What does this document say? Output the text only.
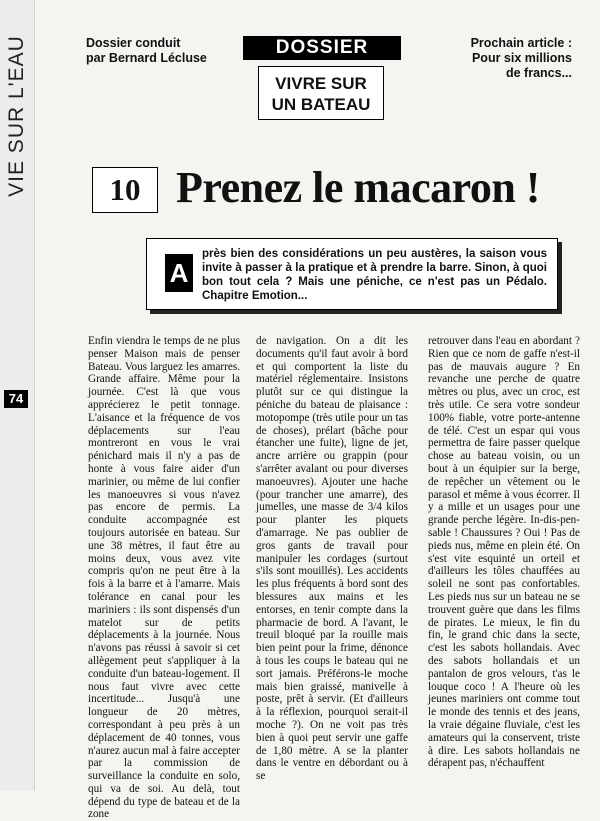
VIE SUR L'EAU
74
Dossier conduit
par Bernard Lécluse	DOSSIER
VIVRE SUR
UN BATEAU
Prochain article :
Pour six millions
de francs...
10 Prenez le macaron !
A
près bien des considérations un peu austères, la saison vous invite à passer à la pratique et à prendre la barre. Sinon, à quoi bon tout cela ? Mais une péniche, ce n'est pas un Pédalo. Chapitre Emotion...
Enfin viendra le temps de ne plus penser Maison mais de penser Bateau. Vous larguez les amarres. Grande affaire. Même pour la journée. C'est là que vous apprécierez le petit tonnage. L'aisance et la fréquence de vos déplacements sur l'eau montreront en vous le vrai pénichard mais il n'y a pas de honte à vous faire aider d'un marinier, ou même de lui confier les manoeuvres si vous n'avez pas encore de permis. La conduite accompagnée est toujours autorisée en bateau. Sur une 38 mètres, il faut être au moins deux, vous avez vite compris qu'on ne peut être à la fois à la barre et à l'amarre. Mais tolérance en canal pour les mariniers : ils sont dispensés d'un matelot sur de petits déplacements à la journée. Nous n'avons pas réussi à savoir si cet allègement peut s'appliquer à la conduite d'un bateau-logement. Il nous faut vivre avec cette incertitude... Jusqu'à une longueur de 20 mètres, correspondant à peu près à un déplacement de 40 tonnes, vous n'aurez aucun mal à faire accepter par la commission de surveillance la conduite en solo, qui va de soi. Au delà, tout dépend du type de bateau et de la zone
de navigation. On a dit les documents qu'il faut avoir à bord et qui comportent la liste du matériel réglementaire. Insistons plutôt sur ce qui distingue la péniche du bateau de plaisance : motopompe (très utile pour un tas de choses), prélart (bâche pour étancher une fuite), ligne de jet, ancre arrière ou grappin (pour s'arrêter avalant ou pour diverses manoeuvres). Ajouter une hache (pour trancher une amarre), des jumelles, une masse de 3/4 kilos pour planter les piquets d'amarrage. Ne pas oublier de gros gants de travail pour manipuler les cordages (surtout s'ils sont mouillés). Les accidents les plus fréquents à bord sont des blessures aux mains et les entorses, en tenir compte dans la pharmacie de bord. A l'avant, le treuil bloqué par la rouille mais bien peint pour la frime, dénonce à tous les coups le bateau qui ne sort jamais. Préférons-le moche mais bien graissé, manivelle à poste, prêt à servir. (Et d'ailleurs à la réflexion, pourquoi serait-il moche ?). On ne voit pas très bien à quoi peut servir une gaffe de 1,80 mètre. A se la planter dans le ventre en débordant ou à se
retrouver dans l'eau en abordant ? Rien que ce nom de gaffe n'est-il pas de mauvais augure ? En revanche une perche de quatre mètres ou plus, avec un croc, est très utile. Ce sera votre sondeur 100% fiable, votre porte-antenne de télé. C'est un espar qui vous permettra de faire passer quelque chose au bateau voisin, ou un bout à un équipier sur la berge, de repêcher un vêtement ou le parasol et même à vous écorrer. Il y a mille et un usages pour une grande perche légère. In-dis-pen-sable ! Chaussures ? Oui ! Pas de pieds nus, même en plein été. On s'est vite esquinté un orteil et d'ailleurs les tôles chauffées au soleil ne sont pas confortables. Les pieds nus sur un bateau ne se trouvent guère que dans les films de pirates. Le mieux, le fin du fin, le grand chic dans la secte, c'est les sabots hollandais. Avec des sabots hollandais et un pantalon de gros velours, t'as le louque coco ! A l'heure où les jeunes mariniers ont comme tout le monde des tennis et des jeans, la vraie dégaine fluviale, c'est les amateurs qui la conservent, triste à dire. Les sabots hollandais ne dérapent pas, n'échauffent
